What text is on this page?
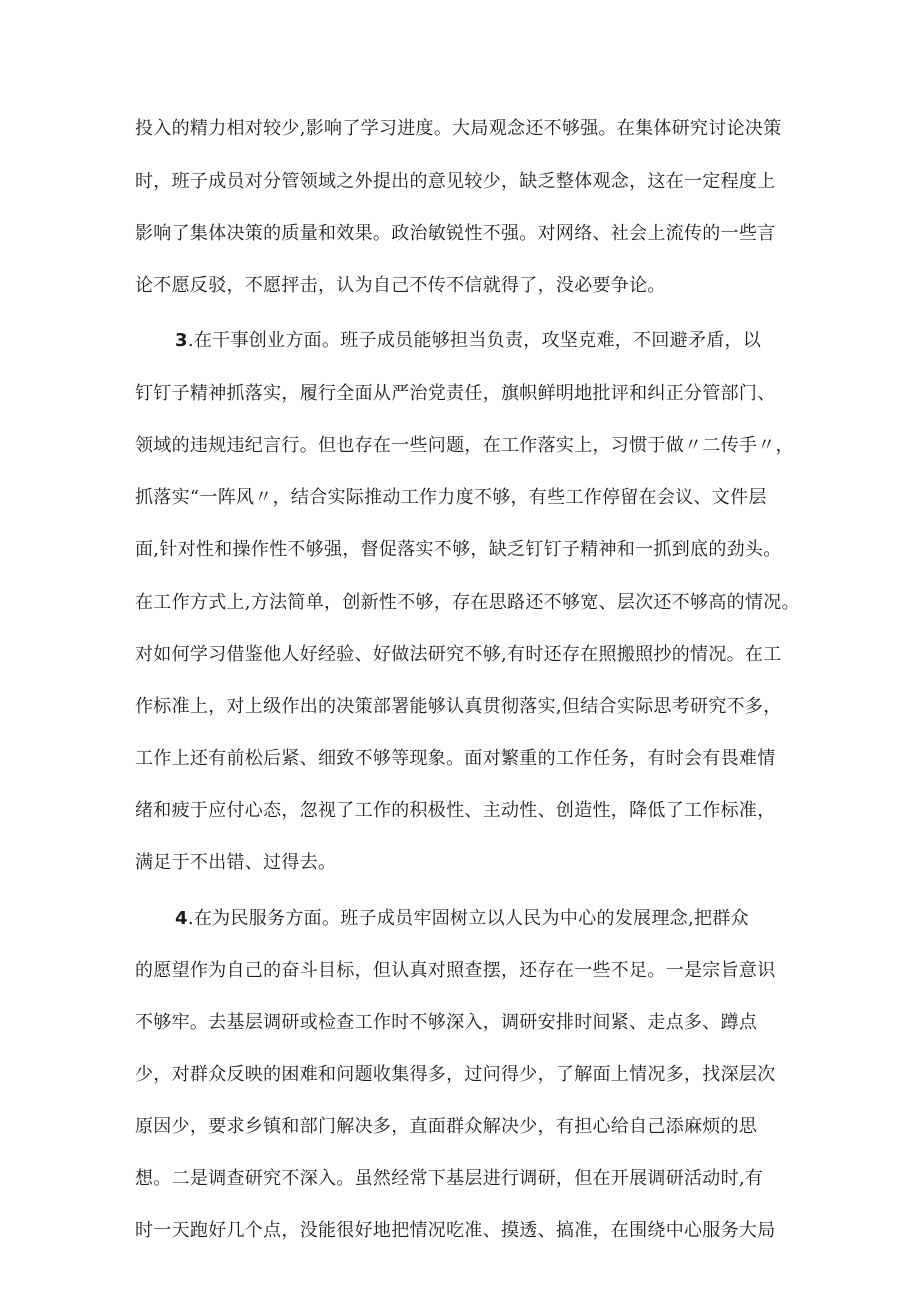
投入的精力相对较少,影响了学习进度。大局观念还不够强。在集体研究讨论决策
时，班子成员对分管领域之外提出的意见较少，缺乏整体观念，这在一定程度上
影响了集体决策的质量和效果。政治敏锐性不强。对网络、社会上流传的一些言
论不愿反驳，不愿抨击，认为自己不传不信就得了，没必要争论。
3.在干事创业方面。班子成员能够担当负责，攻坚克难，不回避矛盾，以
钉钉子精神抓落实，履行全面从严治党责任，旗帜鲜明地批评和纠正分管部门、
领域的违规违纪言行。但也存在一些问题，在工作落实上，习惯于做〃二传手〃，
抓落实“一阵风〃，结合实际推动工作力度不够，有些工作停留在会议、文件层
面,针对性和操作性不够强，督促落实不够，缺乏钉钉子精神和一抓到底的劲头。
在工作方式上,方法简单，创新性不够，存在思路还不够宽、层次还不够高的情况。
对如何学习借鉴他人好经验、好做法研究不够,有时还存在照搬照抄的情况。在工
作标准上，对上级作出的决策部署能够认真贯彻落实,但结合实际思考研究不多，
工作上还有前松后紧、细致不够等现象。面对繁重的工作任务，有时会有畏难情
绪和疲于应付心态，忽视了工作的积极性、主动性、创造性，降低了工作标准，
满足于不出错、过得去。
4.在为民服务方面。班子成员牢固树立以人民为中心的发展理念,把群众
的愿望作为自己的奋斗目标，但认真对照查摆，还存在一些不足。一是宗旨意识
不够牢。去基层调研或检查工作时不够深入，调研安排时间紧、走点多、蹲点
少，对群众反映的困难和问题收集得多，过问得少，了解面上情况多，找深层次
原因少，要求乡镇和部门解决多，直面群众解决少，有担心给自己添麻烦的思
想。二是调查研究不深入。虽然经常下基层进行调研，但在开展调研活动时,有
时一天跑好几个点，没能很好地把情况吃准、摸透、搞准，在围绕中心服务大局
